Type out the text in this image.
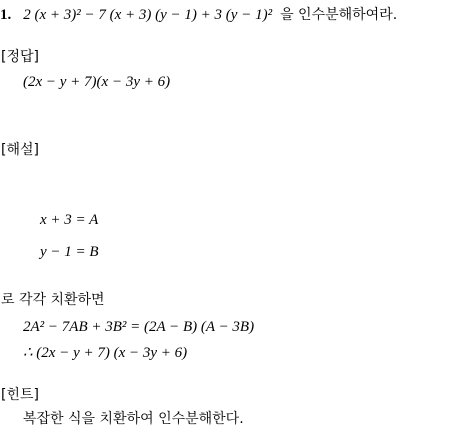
1. 2 (x + 3)² − 7 (x + 3) (y − 1) + 3 (y − 1)² 을 인수분해하여라.
[정답]
(2x − y + 7)(x − 3y + 6)
[해설]
x + 3 = A
y − 1 = B
로 각각 치환하면
2A² − 7AB + 3B² = (2A − B) (A − 3B)
∴ (2x − y + 7) (x − 3y + 6)
[힌트]
복잡한 식을 치환하여 인수분해한다.
